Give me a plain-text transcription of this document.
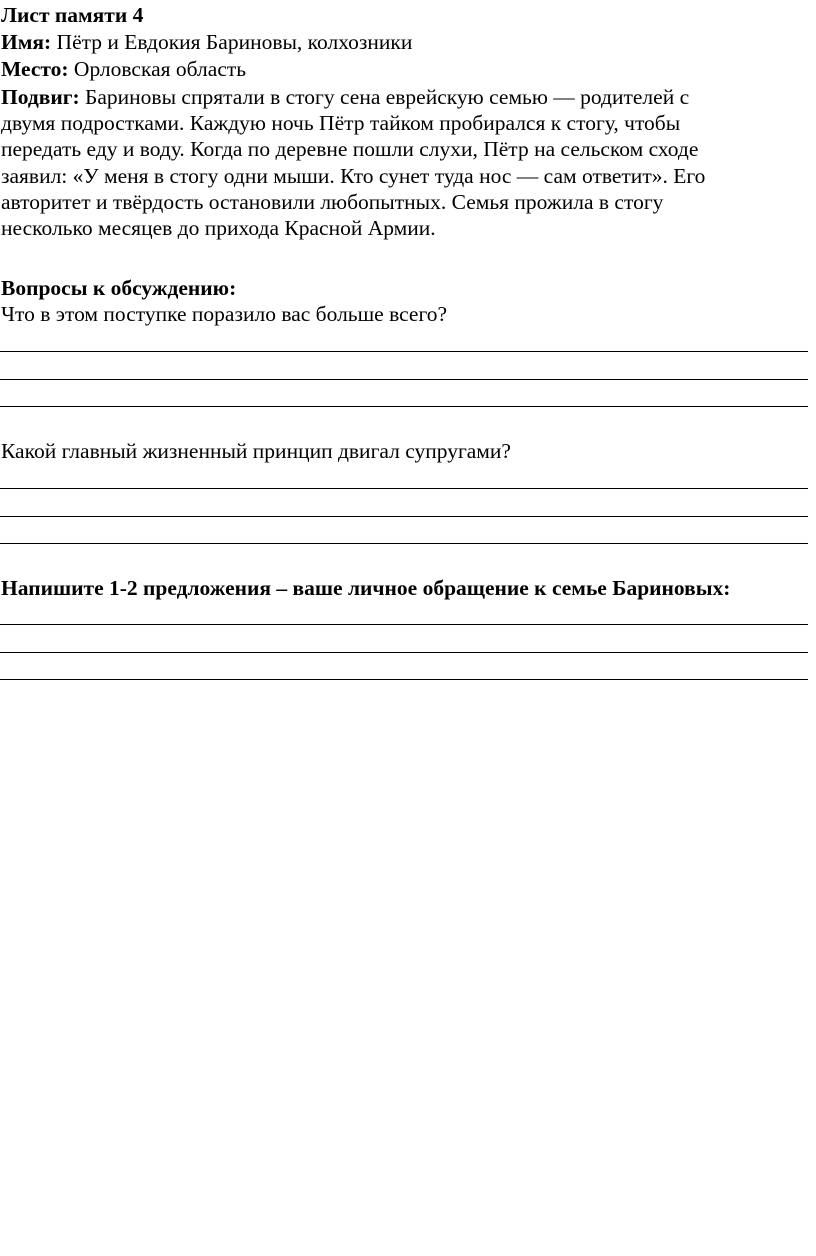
Лист памяти 4
Имя: Пётр и Евдокия Бариновы, колхозники
Место: Орловская область
Подвиг: Бариновы спрятали в стогу сена еврейскую семью — родителей с
двумя подростками. Каждую ночь Пётр тайком пробирался к стогу, чтобы
передать еду и воду. Когда по деревне пошли слухи, Пётр на сельском сходе
заявил: «У меня в стогу одни мыши. Кто сунет туда нос — сам ответит». Его
авторитет и твёрдость остановили любопытных. Семья прожила в стогу
несколько месяцев до прихода Красной Армии.
Вопросы к обсуждению:
Что в этом поступке поразило вас больше всего?
Какой главный жизненный принцип двигал супругами?
Напишите 1-2 предложения – ваше личное обращение к семье Бариновых:
